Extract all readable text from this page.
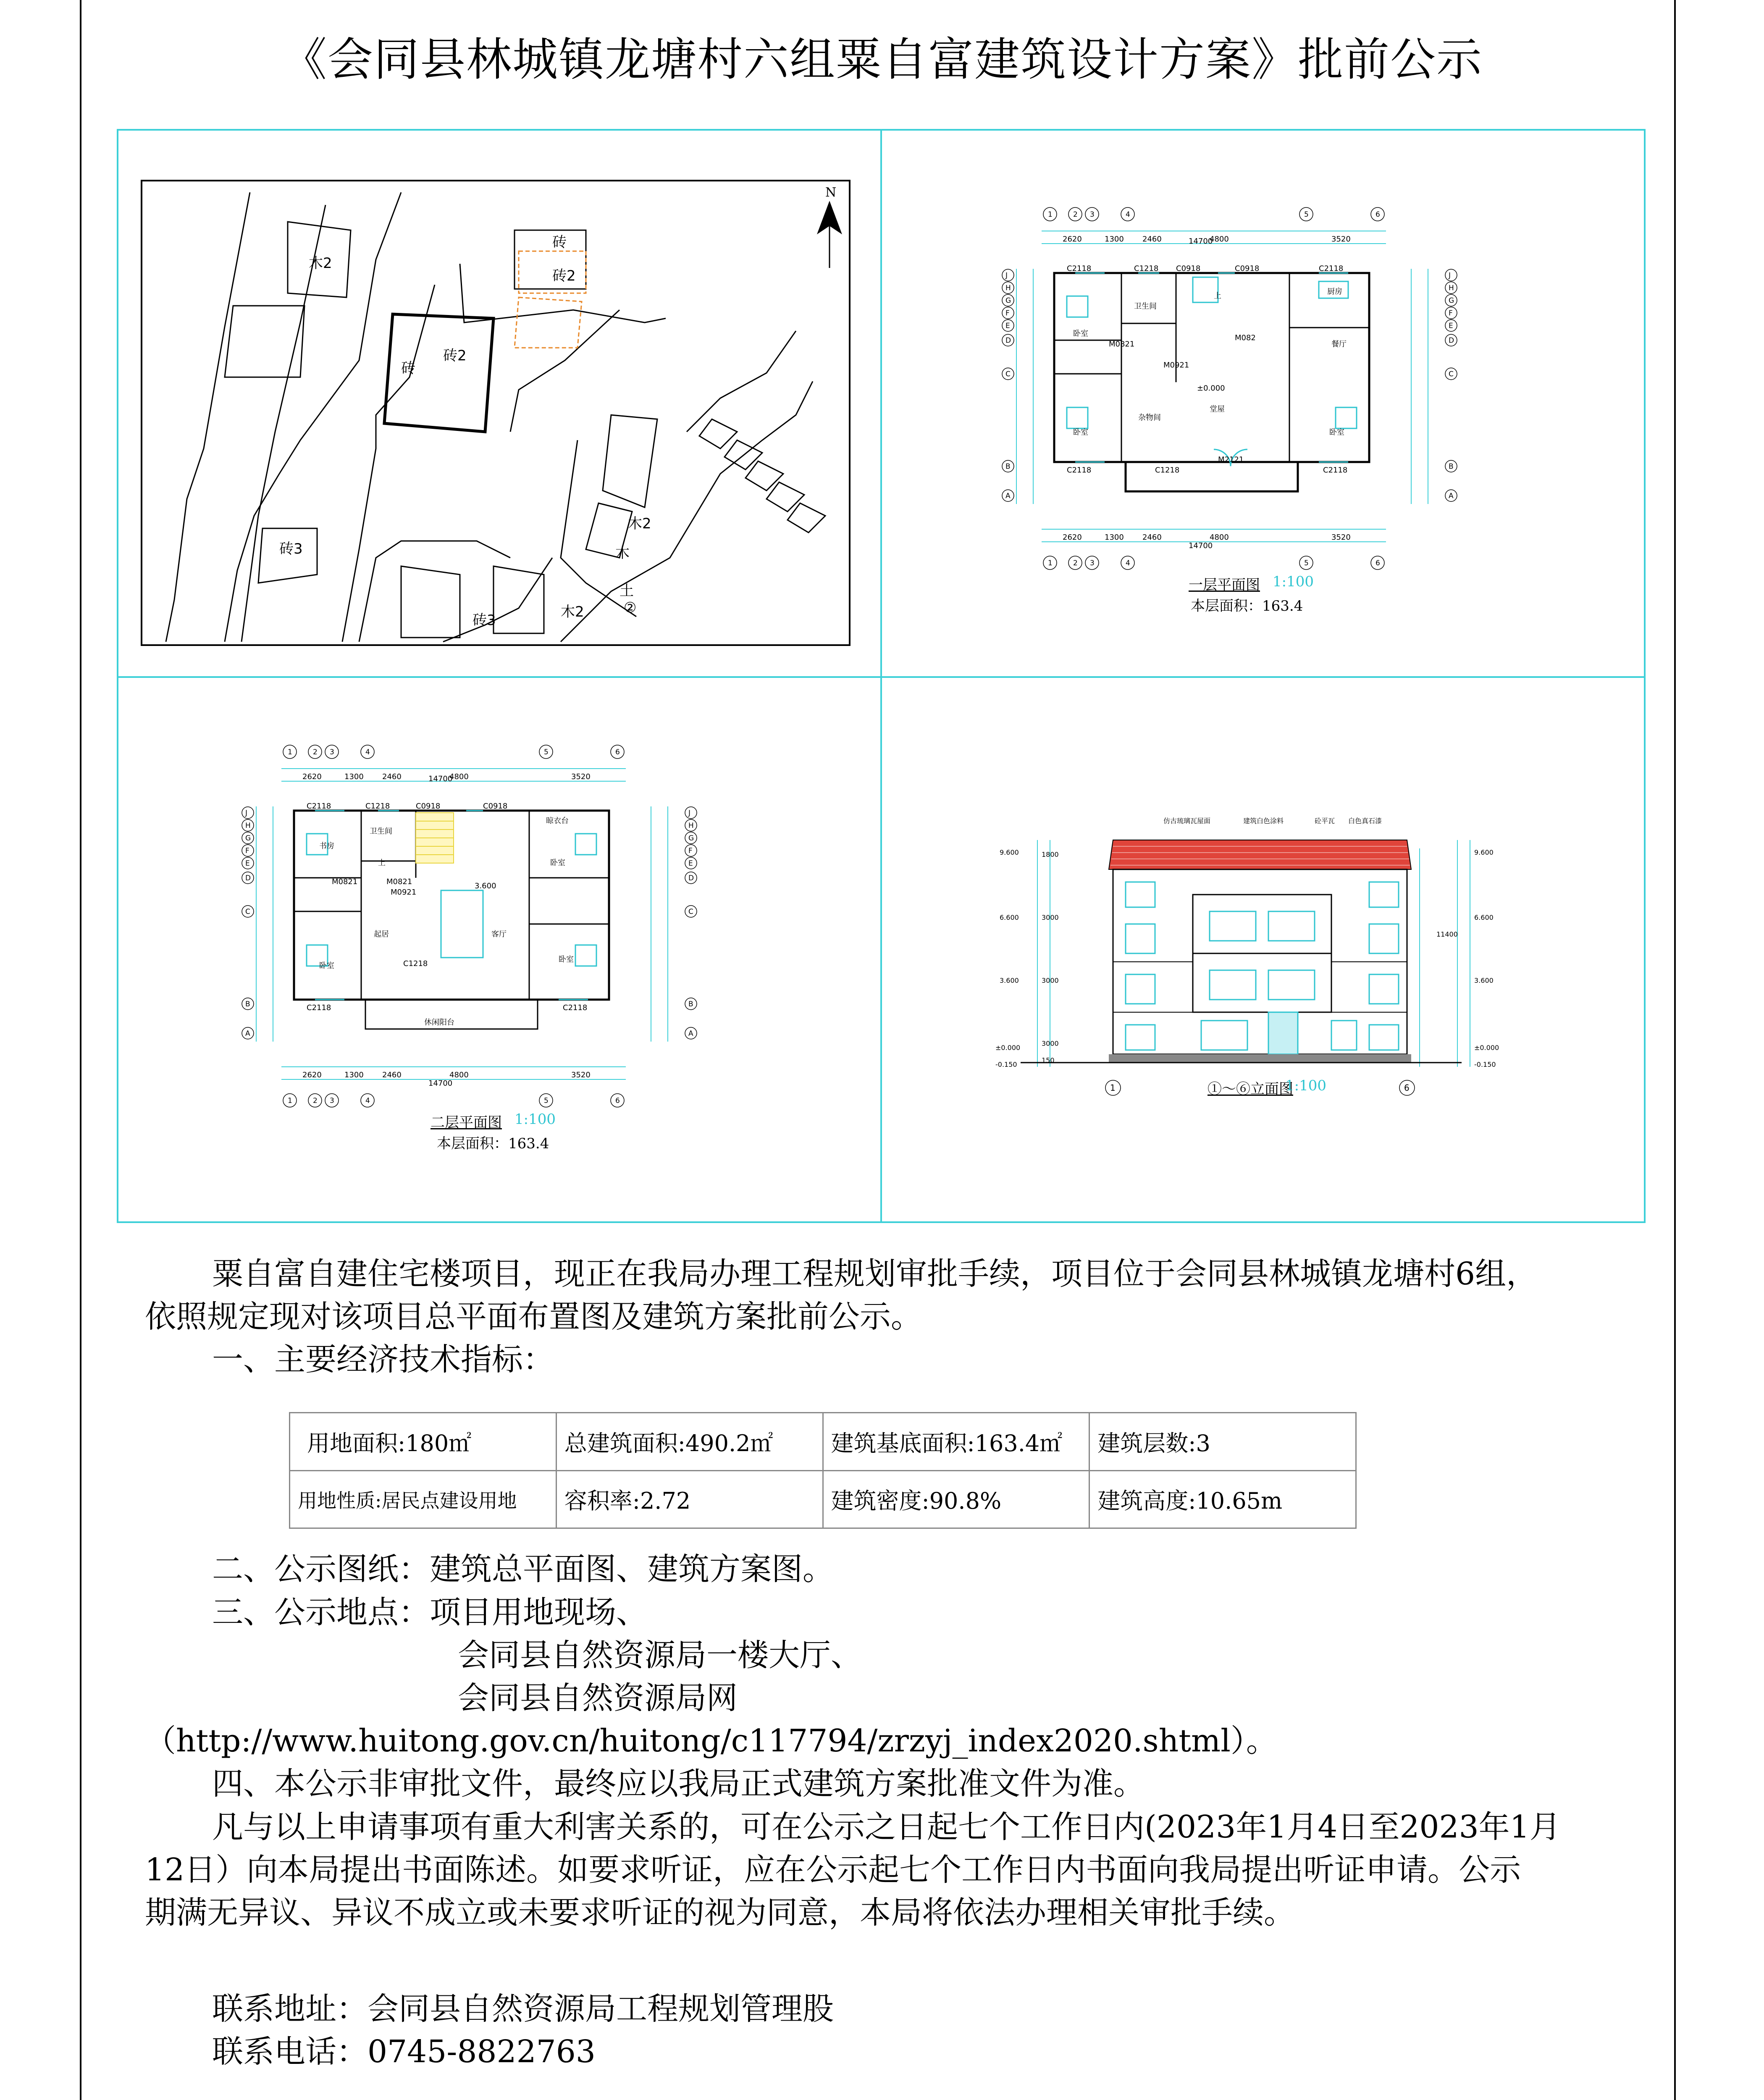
《会同县林城镇龙塘村六组粟自富建筑设计方案》批前公示
N
木2
砖
砖2
砖2
砖
砖3
木2
木
砖3	木2
土
②
卧室
卫生间
厨房
餐厅
杂物间
堂屋
卧室	卧室
±0.000
上
14700
2620	1300 2460	4800	3520
2620	1300 2460	4800	3520
14700
C2118	C1218 C0918	C0918	C2118
M0821
M0921
M082
M2121
C2118	C1218	C2118
1	2 3	4	5	6
1	2 3	4	5	6
J
H
G
F
E
D
C
B
A
J
H
G
F
E
D
C
B
A
一层平面图 1:100
本层面积：163.4
晾衣台
卫生间
书房
卧室
起居	客厅
卧室
卧室
休闲阳台
3.600
上
14700
2620	1300 2460	4800	3520
2620	1300 2460	4800	3520
14700
C2118	C1218	C0918	C0918
M0821	M0821
M0921
C1218
C2118	C2118
1	2 3	4	5	6
1	2 3	4	5	6
J
H
G
F
E
D
C
B
A
J
H
G
F
E
D
C
B
A
二层平面图 1:100
本层面积：163.4
9.600
6.600
3.600
±0.000
-0.150
9.600
6.600
3.600
±0.000
-0.150
仿古琉璃瓦屋面	建筑白色涂料	砼平瓦 白色真石漆
1800
3000
3000
3000
150
11400
1	6
①～⑥立面图
1:100
粟自富自建住宅楼项目，现正在我局办理工程规划审批手续，项目位于会同县林城镇龙塘村6组，
依照规定现对该项目总平面布置图及建筑方案批前公示。
一、主要经济技术指标：
用地面积:180㎡	总建筑面积:490.2㎡	建筑基底面积:163.4㎡	建筑层数:3
用地性质:居民点建设用地	容积率:2.72	建筑密度:90.8%	建筑高度:10.65m
二、公示图纸：建筑总平面图、建筑方案图。
三、公示地点：项目用地现场、
会同县自然资源局一楼大厅、
会同县自然资源局网
（http://www.huitong.gov.cn/huitong/c117794/zrzyj_index2020.shtml）。
四、本公示非审批文件，最终应以我局正式建筑方案批准文件为准。
凡与以上申请事项有重大利害关系的，可在公示之日起七个工作日内(2023年1月4日至2023年1月
12日）向本局提出书面陈述。如要求听证，应在公示起七个工作日内书面向我局提出听证申请。公示
期满无异议、异议不成立或未要求听证的视为同意，本局将依法办理相关审批手续。
联系地址：会同县自然资源局工程规划管理股
联系电话：0745-8822763
